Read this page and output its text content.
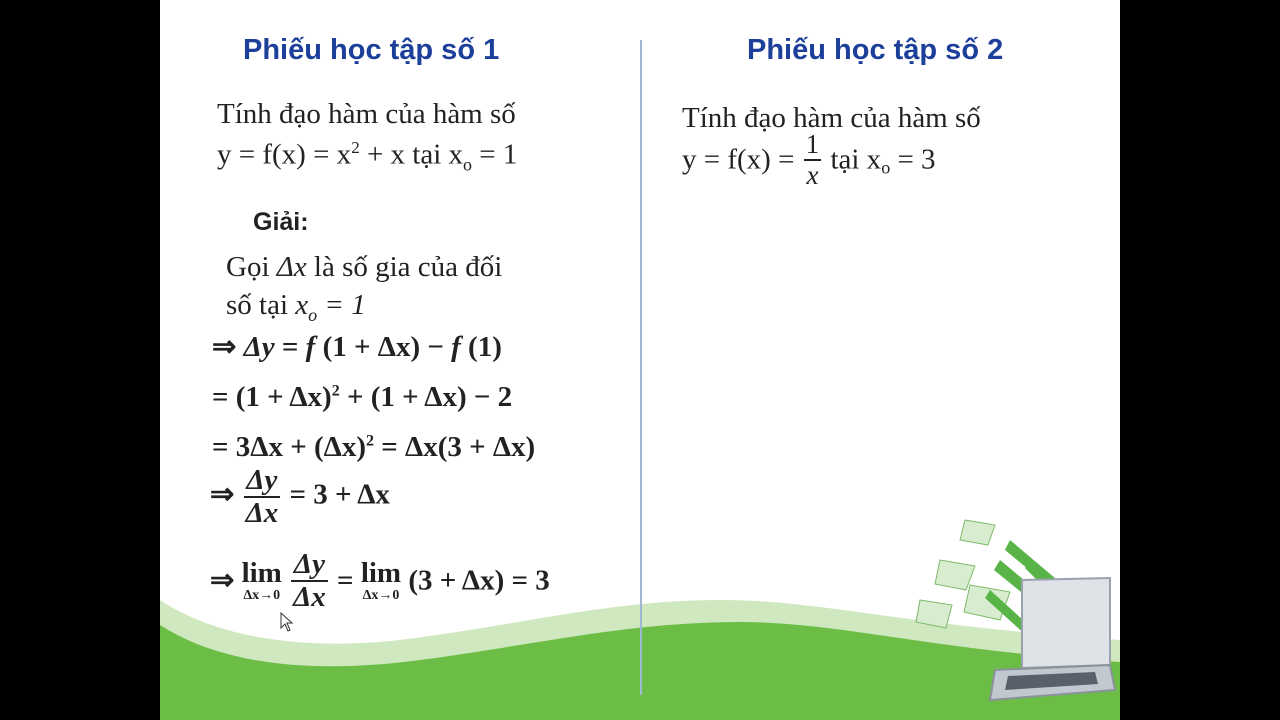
Phiếu học tập số 1	Phiếu học tập số 2
Tính đạo hàm của hàm số
$y = f(x) = x^2 + x$ tại $x_o = 1$
Giải:
Gọi Δx là số gia của đối
số tại $x_o = 1$
⇒ Δy = f (1 + Δx) − f (1)
= $(1 + \Delta x)^2 + (1 + \Delta x) - 2$
= $3\Delta x + (\Delta x)^2 = \Delta x(3 + \Delta x)$
⇒ $\frac{\Delta y}{\Delta x} = 3 + \Delta x$
⇒ lim
Δx→0
$\frac{\Delta y}{\Delta x} = \lim$
Δx→0 (3 + Δx) = 3
Tính đạo hàm của hàm số
$y = f(x) = \frac{1}{x}$ tại $x_o = 3$
